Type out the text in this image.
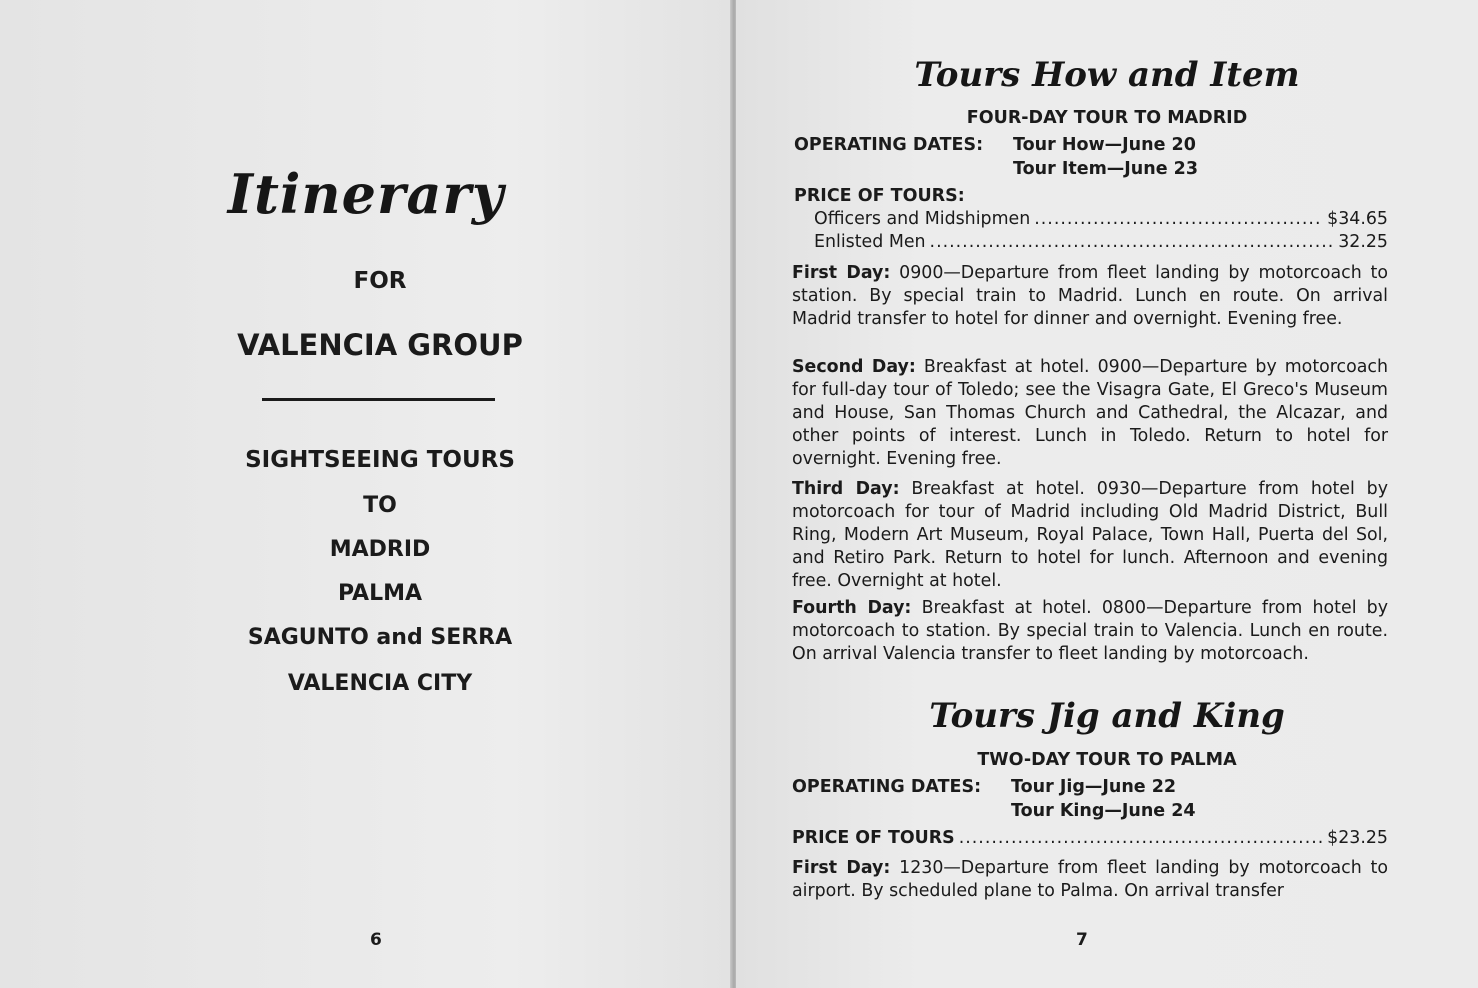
Itinerary
FOR
VALENCIA GROUP
SIGHTSEEING TOURS
TO
MADRID
PALMA
SAGUNTO and SERRA
VALENCIA CITY
6
Tours How and Item
FOUR-DAY TOUR TO MADRID
OPERATING DATES: Tour How—June 20
Tour Item—June 23
PRICE OF TOURS:
Officers and Midshipmen .....	$34.65
Enlisted Men .....	32.25
First Day: 0900—Departure from fleet landing by motorcoach to station. By special train to Madrid. Lunch en route. On arrival Madrid transfer to hotel for dinner and overnight. Evening free.
Second Day: Breakfast at hotel. 0900—Departure by motorcoach for full-day tour of Toledo; see the Visagra Gate, El Greco's Museum and House, San Thomas Church and Cathedral, the Alcazar, and other points of interest. Lunch in Toledo. Return to hotel for overnight. Evening free.
Third Day: Breakfast at hotel. 0930—Departure from hotel by motorcoach for tour of Madrid including Old Madrid District, Bull Ring, Modern Art Museum, Royal Palace, Town Hall, Puerta del Sol, and Retiro Park. Return to hotel for lunch. Afternoon and evening free. Overnight at hotel.
Fourth Day: Breakfast at hotel. 0800—Departure from hotel by motorcoach to station. By special train to Valencia. Lunch en route. On arrival Valencia transfer to fleet landing by motorcoach.
Tours Jig and King
TWO-DAY TOUR TO PALMA
OPERATING DATES: Tour Jig—June 22
Tour King—June 24
PRICE OF TOURS .....	$23.25
First Day: 1230—Departure from fleet landing by motorcoach to airport. By scheduled plane to Palma. On arrival transfer
7
